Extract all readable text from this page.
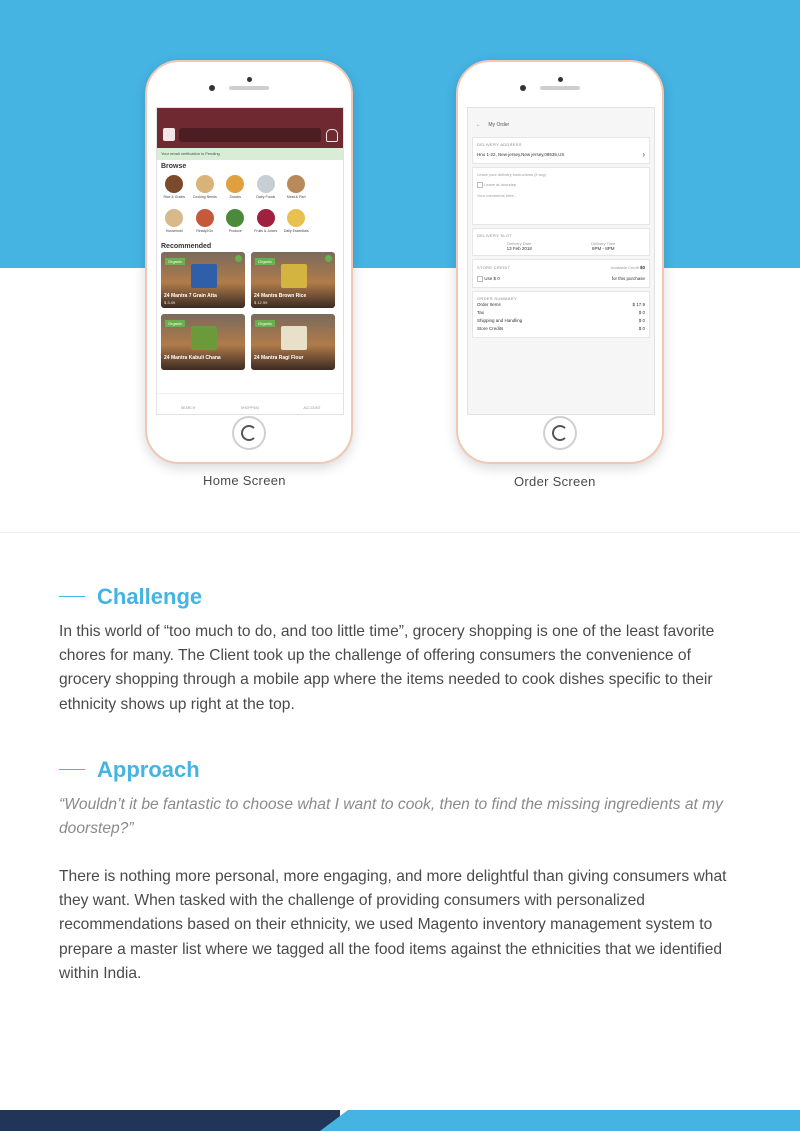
Your email verification is Pending
Browse
Rice & Grains	Cooking Needs	Snacks	Dairy Foods	Meat & Fish
Household	Ready2Go	Produce	Fruits & Juices	Daily Essentials
Recommended
Organic
24 Mantra 7 Grain Atta
$ 3.49
Organic
24 Mantra Brown Rice
$ 12.99
Organic
24 Mantra Kabuli Chana
Organic
24 Mantra Ragi Flour
SEARCH	SHOPPING	ACCOUNT
Home Screen
← My Order
DELIVERY ADDRESS
Hno 1-22, New jersey,New jersey,08535,US	›
Leave your delivery instructions (if any)
Leave at doorstep
Your comments here...
DELIVERY SLOT
Delivery Date
13 Feb 2018
Delivery Time
6PM - 8PM
STORE CREDIT	Available Credit $0
Use $ 0	for this purchase
ORDER SUMMARY
Order Items	$ 17.9
Tax	$ 0
Shipping and Handling	$ 0
Store Credits	$ 0
Order Screen
Challenge
In this world of “too much to do, and too little time”, grocery shopping is one of the least favorite chores for many. The Client took up the challenge of offering consumers the convenience of grocery shopping through a mobile app where the items needed to cook dishes specific to their ethnicity shows up right at the top.
Approach
“Wouldn’t it be fantastic to choose what I want to cook, then to find the missing ingredients at my doorstep?”
There is nothing more personal, more engaging, and more delightful than giving consumers what they want. When tasked with the challenge of providing consumers with personalized recommendations based on their ethnicity, we used Magento inventory management system to prepare a master list where we tagged all the food items against the ethnicities that we identified within India.
